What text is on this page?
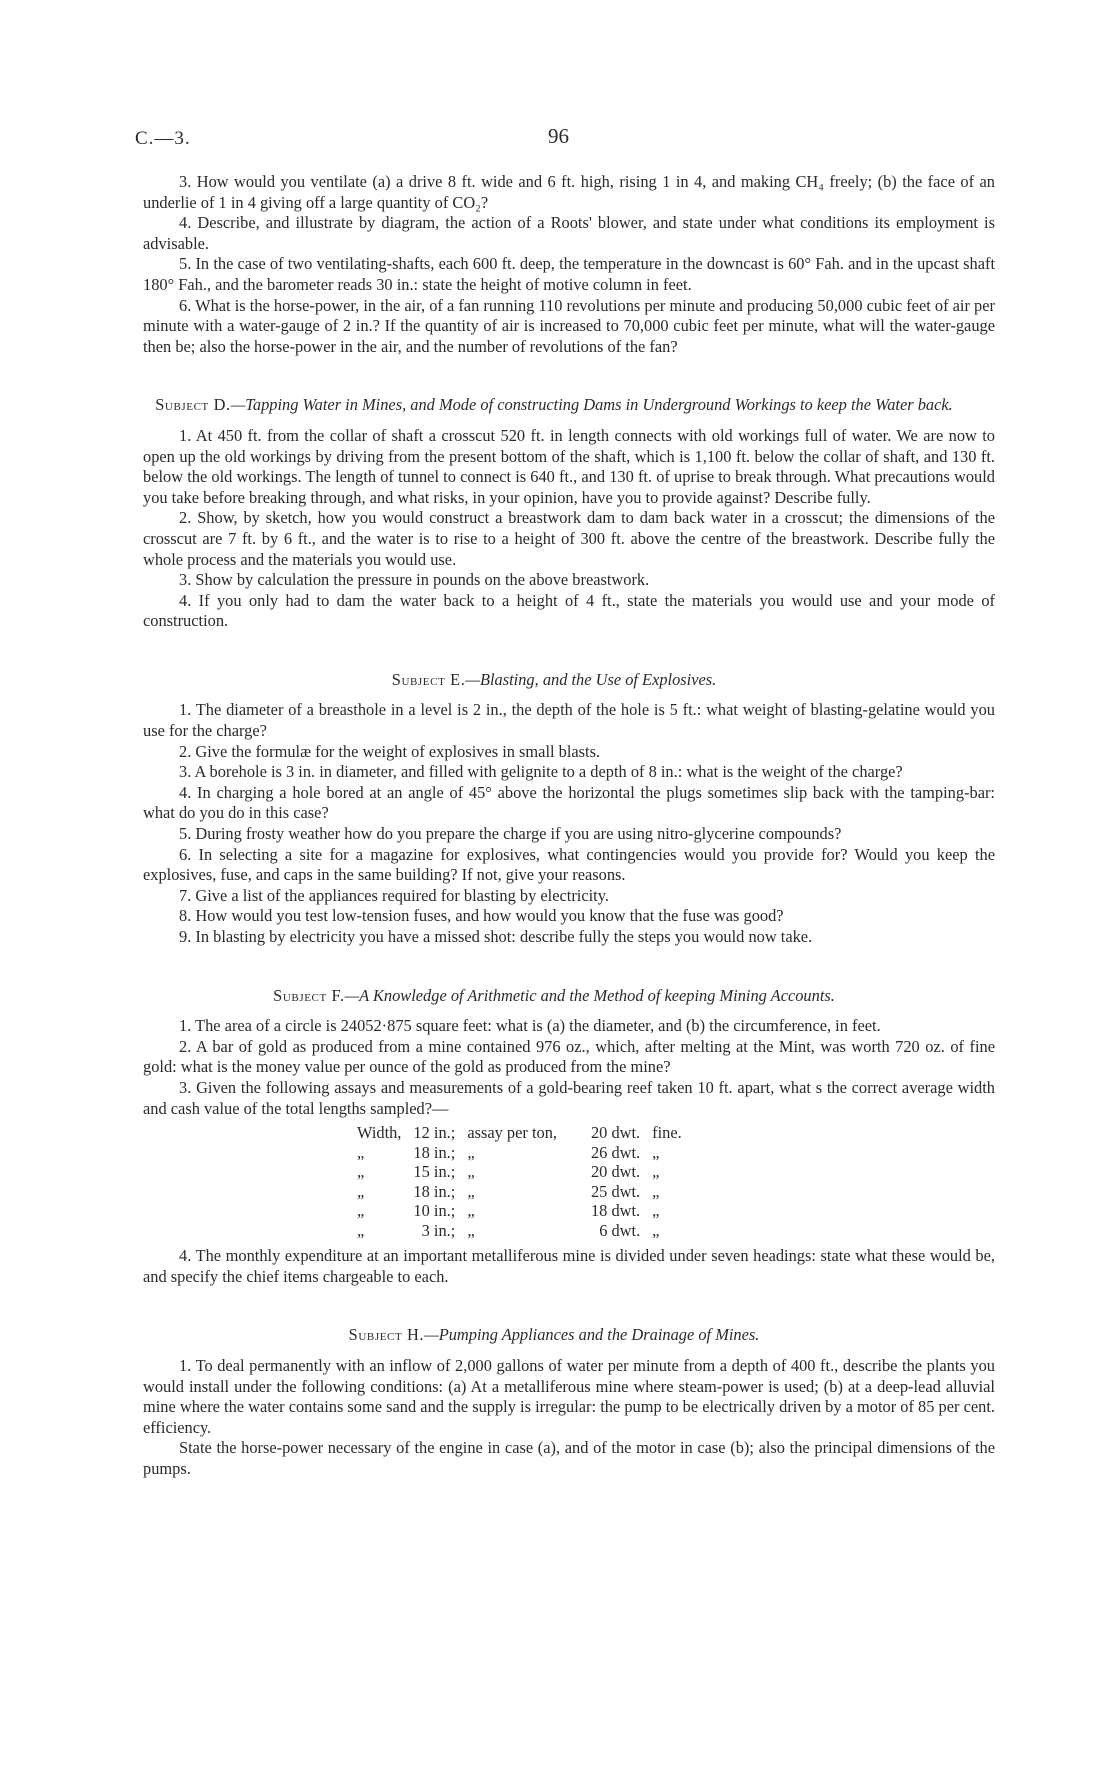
C.—3.	96

3. How would you ventilate (a) a drive 8 ft. wide and 6 ft. high, rising 1 in 4, and making CH₄ freely; (b) the face of an underlie of 1 in 4 giving off a large quantity of CO₂?

4. Describe, and illustrate by diagram, the action of a Roots' blower, and state under what conditions its employment is advisable.

5. In the case of two ventilating-shafts, each 600 ft. deep, the temperature in the downcast is 60° Fah. and in the upcast shaft 180° Fah., and the barometer reads 30 in.: state the height of motive column in feet.

6. What is the horse-power, in the air, of a fan running 110 revolutions per minute and producing 50,000 cubic feet of air per minute with a water-gauge of 2 in.? If the quantity of air is increased to 70,000 cubic feet per minute, what will the water-gauge then be; also the horse-power in the air, and the number of revolutions of the fan?

Subject D.—Tapping Water in Mines, and Mode of constructing Dams in Underground Workings to keep the Water back.

1. At 450 ft. from the collar of shaft a crosscut 520 ft. in length connects with old workings full of water. We are now to open up the old workings by driving from the present bottom of the shaft, which is 1,100 ft. below the collar of shaft, and 130 ft. below the old workings. The length of tunnel to connect is 640 ft., and 130 ft. of uprise to break through. What precautions would you take before breaking through, and what risks, in your opinion, have you to provide against? Describe fully.

2. Show, by sketch, how you would construct a breastwork dam to dam back water in a crosscut; the dimensions of the crosscut are 7 ft. by 6 ft., and the water is to rise to a height of 300 ft. above the centre of the breastwork. Describe fully the whole process and the materials you would use.

3. Show by calculation the pressure in pounds on the above breastwork.

4. If you only had to dam the water back to a height of 4 ft., state the materials you would use and your mode of construction.

Subject E.—Blasting, and the Use of Explosives.

1. The diameter of a breasthole in a level is 2 in., the depth of the hole is 5 ft.: what weight of blasting-gelatine would you use for the charge?

2. Give the formulæ for the weight of explosives in small blasts.

3. A borehole is 3 in. in diameter, and filled with gelignite to a depth of 8 in.: what is the weight of the charge?

4. In charging a hole bored at an angle of 45° above the horizontal the plugs sometimes slip back with the tamping-bar: what do you do in this case?

5. During frosty weather how do you prepare the charge if you are using nitro-glycerine compounds?

6. In selecting a site for a magazine for explosives, what contingencies would you provide for? Would you keep the explosives, fuse, and caps in the same building? If not, give your reasons.

7. Give a list of the appliances required for blasting by electricity.

8. How would you test low-tension fuses, and how would you know that the fuse was good?

9. In blasting by electricity you have a missed shot: describe fully the steps you would now take.

Subject F.—A Knowledge of Arithmetic and the Method of keeping Mining Accounts.

1. The area of a circle is 24052·875 square feet: what is (a) the diameter, and (b) the circumference, in feet.

2. A bar of gold as produced from a mine contained 976 oz., which, after melting at the Mint, was worth 720 oz. of fine gold: what is the money value per ounce of the gold as produced from the mine?

3. Given the following assays and measurements of a gold-bearing reef taken 10 ft. apart, what s the correct average width and cash value of the total lengths sampled?—

Width,	12 in.;	assay per ton,	20 dwt.	fine.
„	18 in.;	„	26 dwt.	„
„	15 in.;	„	20 dwt.	„
„	18 in.;	„	25 dwt.	„
„	10 in.;	„	18 dwt.	„
„	3 in.;	„	6 dwt.	„

4. The monthly expenditure at an important metalliferous mine is divided under seven headings: state what these would be, and specify the chief items chargeable to each.

Subject H.—Pumping Appliances and the Drainage of Mines.

1. To deal permanently with an inflow of 2,000 gallons of water per minute from a depth of 400 ft., describe the plants you would install under the following conditions: (a) At a metalliferous mine where steam-power is used; (b) at a deep-lead alluvial mine where the water contains some sand and the supply is irregular: the pump to be electrically driven by a motor of 85 per cent. efficiency.

State the horse-power necessary of the engine in case (a), and of the motor in case (b); also the principal dimensions of the pumps.
